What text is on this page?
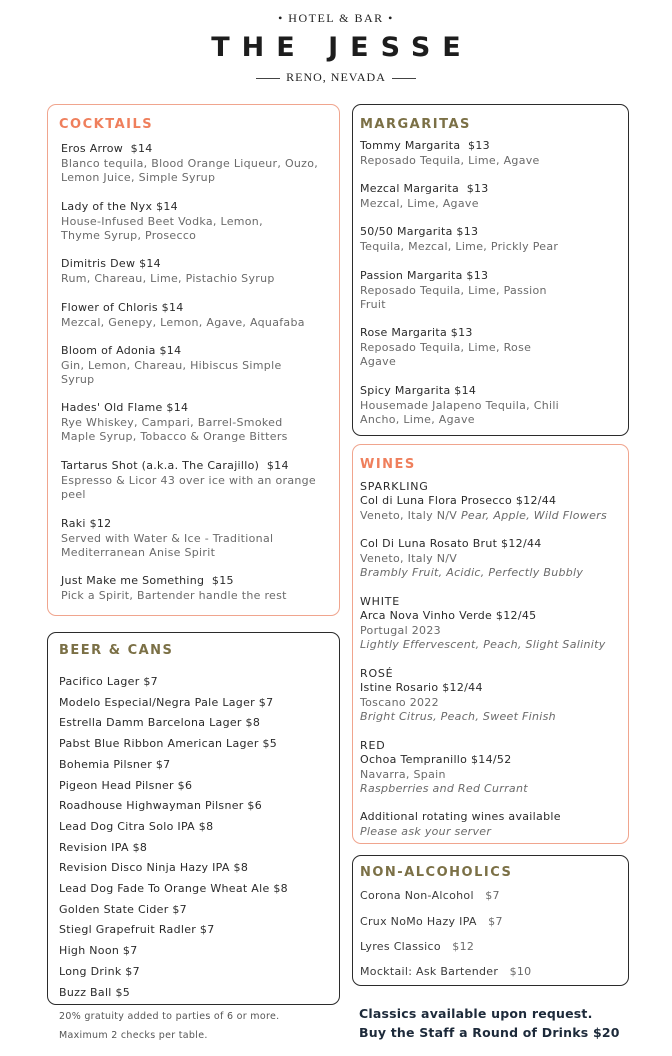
• HOTEL & BAR •
THE JESSE
RENO, NEVADA
COCKTAILS
Eros Arrow $14
Blanco tequila, Blood Orange Liqueur, Ouzo, Lemon Juice, Simple Syrup
Lady of the Nyx $14
House-Infused Beet Vodka, Lemon, Thyme Syrup, Prosecco
Dimitris Dew $14
Rum, Chareau, Lime, Pistachio Syrup
Flower of Chloris $14
Mezcal, Genepy, Lemon, Agave, Aquafaba
Bloom of Adonia $14
Gin, Lemon, Chareau, Hibiscus Simple Syrup
Hades' Old Flame $14
Rye Whiskey, Campari, Barrel-Smoked Maple Syrup, Tobacco & Orange Bitters
Tartarus Shot (a.k.a. The Carajillo) $14
Espresso & Licor 43 over ice with an orange peel
Raki $12
Served with Water & Ice - Traditional Mediterranean Anise Spirit
Just Make me Something $15
Pick a Spirit, Bartender handle the rest
BEER & CANS
Pacifico Lager $7
Modelo Especial/Negra Pale Lager $7
Estrella Damm Barcelona Lager $8
Pabst Blue Ribbon American Lager $5
Bohemia Pilsner $7
Pigeon Head Pilsner $6
Roadhouse Highwayman Pilsner $6
Lead Dog Citra Solo IPA $8
Revision IPA $8
Revision Disco Ninja Hazy IPA $8
Lead Dog Fade To Orange Wheat Ale $8
Golden State Cider $7
Stiegl Grapefruit Radler $7
High Noon $7
Long Drink $7
Buzz Ball $5
20% gratuity added to parties of 6 or more.
Maximum 2 checks per table.
MARGARITAS
Tommy Margarita $13
Reposado Tequila, Lime, Agave
Mezcal Margarita $13
Mezcal, Lime, Agave
50/50 Margarita $13
Tequila, Mezcal, Lime, Prickly Pear
Passion Margarita $13
Reposado Tequila, Lime, Passion Fruit
Rose Margarita $13
Reposado Tequila, Lime, Rose Agave
Spicy Margarita $14
Housemade Jalapeno Tequila, Chili Ancho, Lime, Agave
WINES
SPARKLING
Col di Luna Flora Prosecco $12/44
Veneto, Italy N/V Pear, Apple, Wild Flowers
Col Di Luna Rosato Brut $12/44
Veneto, Italy N/V
Brambly Fruit, Acidic, Perfectly Bubbly
WHITE
Arca Nova Vinho Verde $12/45
Portugal 2023
Lightly Effervescent, Peach, Slight Salinity
ROSÉ
Istine Rosario $12/44
Toscano 2022
Bright Citrus, Peach, Sweet Finish
RED
Ochoa Tempranillo $14/52
Navarra, Spain
Raspberries and Red Currant
Additional rotating wines available
Please ask your server
NON-ALCOHOLICS
Corona Non-Alcohol $7
Crux NoMo Hazy IPA $7
Lyres Classico $12
Mocktail: Ask Bartender $10
Classics available upon request.
Buy the Staff a Round of Drinks $20
